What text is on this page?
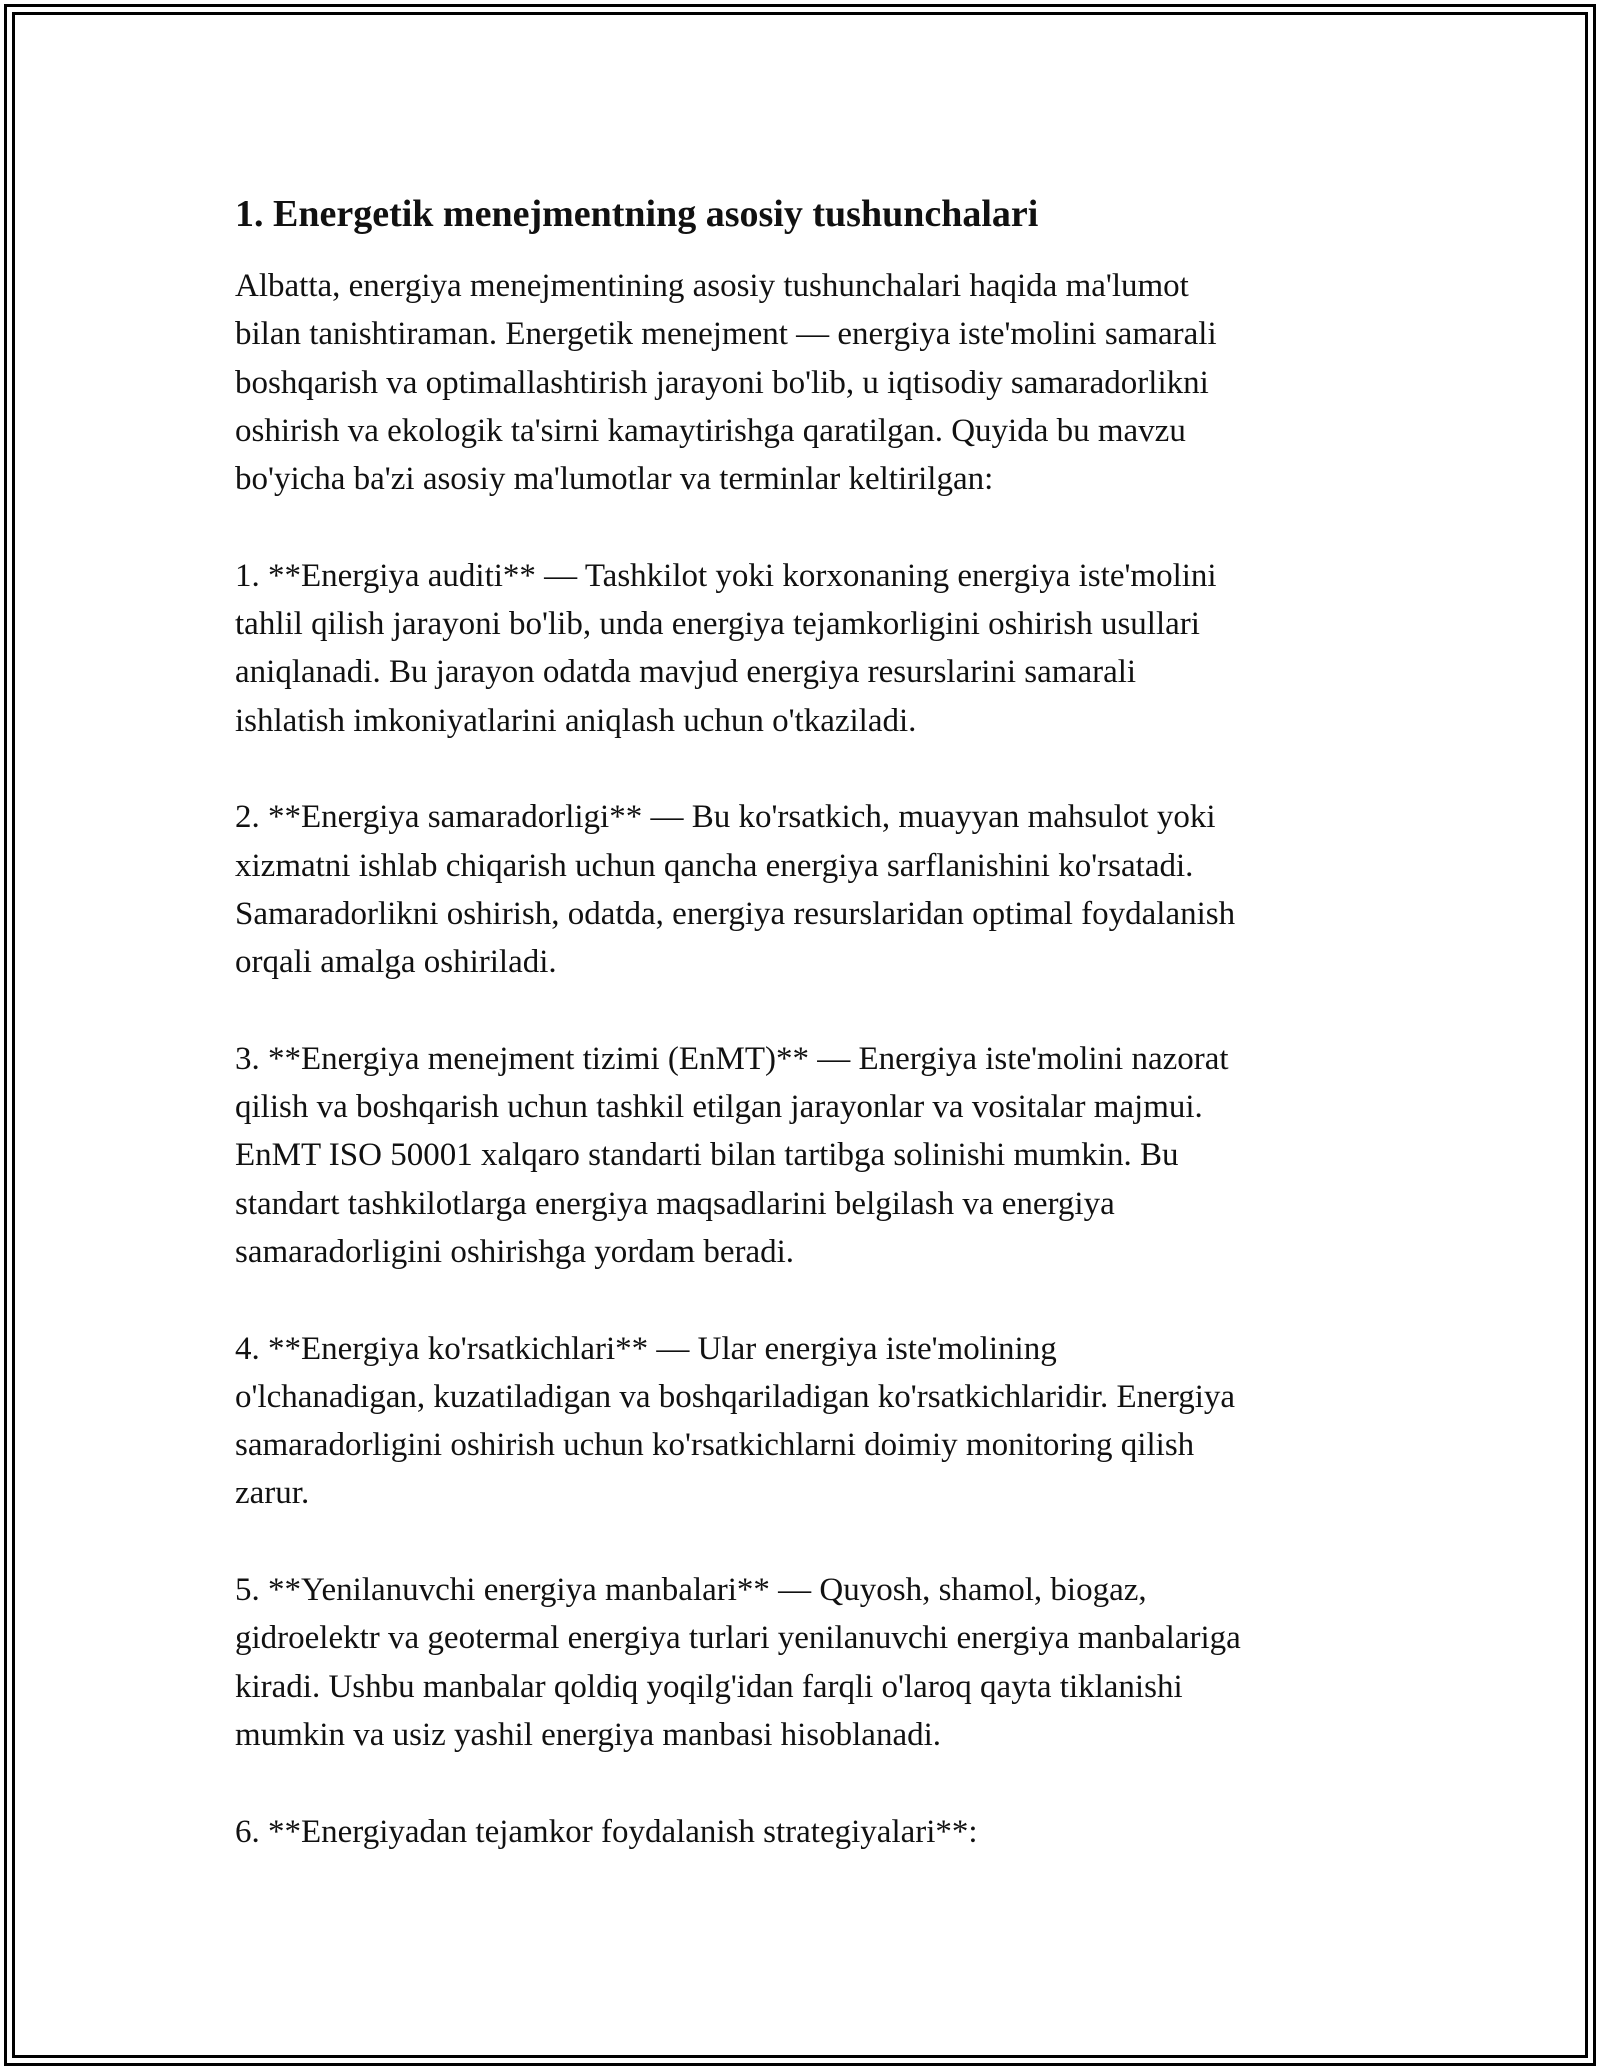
1. Energetik menejmentning asosiy tushunchalari
Albatta, energiya menejmentining asosiy tushunchalari haqida ma'lumot
bilan tanishtiraman. Energetik menejment — energiya iste'molini samarali
boshqarish va optimallashtirish jarayoni bo'lib, u iqtisodiy samaradorlikni
oshirish va ekologik ta'sirni kamaytirishga qaratilgan. Quyida bu mavzu
bo'yicha ba'zi asosiy ma'lumotlar va terminlar keltirilgan:
1. **Energiya auditi** — Tashkilot yoki korxonaning energiya iste'molini
tahlil qilish jarayoni bo'lib, unda energiya tejamkorligini oshirish usullari
aniqlanadi. Bu jarayon odatda mavjud energiya resurslarini samarali
ishlatish imkoniyatlarini aniqlash uchun o'tkaziladi.
2. **Energiya samaradorligi** — Bu ko'rsatkich, muayyan mahsulot yoki
xizmatni ishlab chiqarish uchun qancha energiya sarflanishini ko'rsatadi.
Samaradorlikni oshirish, odatda, energiya resurslaridan optimal foydalanish
orqali amalga oshiriladi.
3. **Energiya menejment tizimi (EnMT)** — Energiya iste'molini nazorat
qilish va boshqarish uchun tashkil etilgan jarayonlar va vositalar majmui.
EnMT ISO 50001 xalqaro standarti bilan tartibga solinishi mumkin. Bu
standart tashkilotlarga energiya maqsadlarini belgilash va energiya
samaradorligini oshirishga yordam beradi.
4. **Energiya ko'rsatkichlari** — Ular energiya iste'molining
o'lchanadigan, kuzatiladigan va boshqariladigan ko'rsatkichlaridir. Energiya
samaradorligini oshirish uchun ko'rsatkichlarni doimiy monitoring qilish
zarur.
5. **Yenilanuvchi energiya manbalari** — Quyosh, shamol, biogaz,
gidroelektr va geotermal energiya turlari yenilanuvchi energiya manbalariga
kiradi. Ushbu manbalar qoldiq yoqilg'idan farqli o'laroq qayta tiklanishi
mumkin va usiz yashil energiya manbasi hisoblanadi.
6. **Energiyadan tejamkor foydalanish strategiyalari**:
